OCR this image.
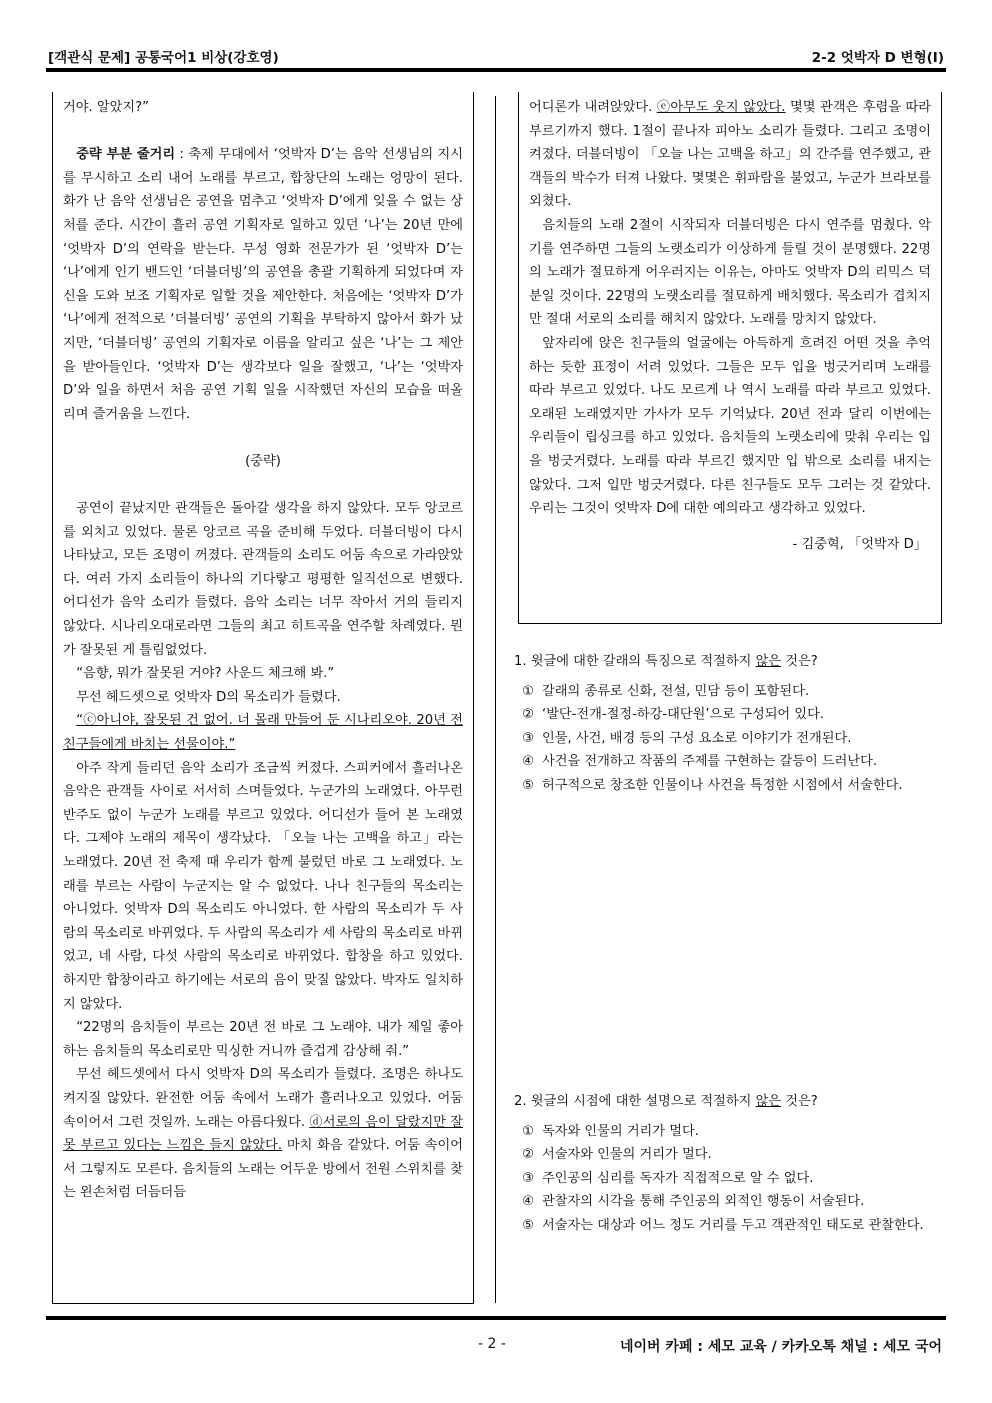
[객관식 문제] 공통국어1 비상(강호영)	2-2 엇박자 D 변형(I)

거야. 알았지?”

중략 부분 줄거리 : 축제 무대에서 ‘엇박자 D’는 음악 선생님의 지시를 무시하고 소리 내어 노래를 부르고, 합창단의 노래는 엉망이 된다. 화가 난 음악 선생님은 공연을 멈추고 ‘엇박자 D’에게 잊을 수 없는 상처를 준다. 시간이 흘러 공연 기획자로 일하고 있던 ‘나’는 20년 만에 ‘엇박자 D’의 연락을 받는다. 무성 영화 전문가가 된 ‘엇박자 D’는 ‘나’에게 인기 밴드인 ‘더블더빙’의 공연을 총괄 기획하게 되었다며 자신을 도와 보조 기획자로 일할 것을 제안한다. 처음에는 ‘엇박자 D’가 ‘나’에게 전적으로 ‘더블더빙’ 공연의 기획을 부탁하지 않아서 화가 났지만, ‘더블더빙’ 공연의 기획자로 이름을 알리고 싶은 ‘나’는 그 제안을 받아들인다. ‘엇박자 D’는 생각보다 일을 잘했고, ‘나’는 ‘엇박자 D’와 일을 하면서 처음 공연 기획 일을 시작했던 자신의 모습을 떠올리며 즐거움을 느낀다.

(중략)

공연이 끝났지만 관객들은 돌아갈 생각을 하지 않았다. 모두 앙코르를 외치고 있었다. 물론 앙코르 곡을 준비해 두었다. 더블더빙이 다시 나타났고, 모든 조명이 꺼졌다. 관객들의 소리도 어둠 속으로 가라앉았다. 여러 가지 소리들이 하나의 기다랗고 평평한 일직선으로 변했다. 어디선가 음악 소리가 들렸다. 음악 소리는 너무 작아서 거의 들리지 않았다. 시나리오대로라면 그들의 최고 히트곡을 연주할 차례였다. 뭔가 잘못된 게 틀림없었다.

“음향, 뭐가 잘못된 거야? 사운드 체크해 봐.”

무선 헤드셋으로 엇박자 D의 목소리가 들렸다.

“ⓒ아니야, 잘못된 건 없어. 너 몰래 만들어 둔 시나리오야. 20년 전 친구들에게 바치는 선물이야.”

아주 작게 들리던 음악 소리가 조금씩 커졌다. 스피커에서 흘러나온 음악은 관객들 사이로 서서히 스며들었다. 누군가의 노래였다. 아무런 반주도 없이 누군가 노래를 부르고 있었다. 어디선가 들어 본 노래였다. 그제야 노래의 제목이 생각났다. 「오늘 나는 고백을 하고」라는 노래였다. 20년 전 축제 때 우리가 함께 불렀던 바로 그 노래였다. 노래를 부르는 사람이 누군지는 알 수 없었다. 나나 친구들의 목소리는 아니었다. 엇박자 D의 목소리도 아니었다. 한 사람의 목소리가 두 사람의 목소리로 바뀌었다. 두 사람의 목소리가 세 사람의 목소리로 바뀌었고, 네 사람, 다섯 사람의 목소리로 바뀌었다. 합창을 하고 있었다. 하지만 합창이라고 하기에는 서로의 음이 맞질 않았다. 박자도 일치하지 않았다.

“22명의 음치들이 부르는 20년 전 바로 그 노래야. 내가 제일 좋아하는 음치들의 목소리로만 믹싱한 거니까 즐겁게 감상해 줘.”

무선 헤드셋에서 다시 엇박자 D의 목소리가 들렸다. 조명은 하나도 켜지질 않았다. 완전한 어둠 속에서 노래가 흘러나오고 있었다. 어둠 속이어서 그런 것일까. 노래는 아름다웠다. ⓓ서로의 음이 달랐지만 잘못 부르고 있다는 느낌은 들지 않았다. 마치 화음 같았다. 어둠 속이어서 그렇지도 모른다. 음치들의 노래는 어두운 방에서 전원 스위치를 찾는 왼손처럼 더듬더듬

어디론가 내려앉았다. ⓔ아무도 웃지 않았다. 몇몇 관객은 후렴을 따라 부르기까지 했다. 1절이 끝나자 피아노 소리가 들렸다. 그리고 조명이 켜졌다. 더블더빙이 「오늘 나는 고백을 하고」의 간주를 연주했고, 관객들의 박수가 터져 나왔다. 몇몇은 휘파람을 불었고, 누군가 브라보를 외쳤다.

음치들의 노래 2절이 시작되자 더블더빙은 다시 연주를 멈췄다. 악기를 연주하면 그들의 노랫소리가 이상하게 들릴 것이 분명했다. 22명의 노래가 절묘하게 어우러지는 이유는, 아마도 엇박자 D의 리믹스 덕분일 것이다. 22명의 노랫소리를 절묘하게 배치했다. 목소리가 겹치지만 절대 서로의 소리를 해치지 않았다. 노래를 망치지 않았다.

앞자리에 앉은 친구들의 얼굴에는 아득하게 흐려진 어떤 것을 추억하는 듯한 표정이 서려 있었다. 그들은 모두 입을 벙긋거리며 노래를 따라 부르고 있었다. 나도 모르게 나 역시 노래를 따라 부르고 있었다. 오래된 노래였지만 가사가 모두 기억났다. 20년 전과 달리 이번에는 우리들이 립싱크를 하고 있었다. 음치들의 노랫소리에 맞춰 우리는 입을 벙긋거렸다. 노래를 따라 부르긴 했지만 입 밖으로 소리를 내지는 않았다. 그저 입만 벙긋거렸다. 다른 친구들도 모두 그러는 것 같았다. 우리는 그것이 엇박자 D에 대한 예의라고 생각하고 있었다.

- 김중혁, 「엇박자 D」

1. 윗글에 대한 갈래의 특징으로 적절하지 않은 것은?

① 갈래의 종류로 신화, 전설, 민담 등이 포함된다.
② ‘발단-전개-절정-하강-대단원’으로 구성되어 있다.
③ 인물, 사건, 배경 등의 구성 요소로 이야기가 전개된다.
④ 사건을 전개하고 작품의 주제를 구현하는 갈등이 드러난다.
⑤ 허구적으로 창조한 인물이나 사건을 특정한 시점에서 서술한다.

2. 윗글의 시점에 대한 설명으로 적절하지 않은 것은?

① 독자와 인물의 거리가 멀다.
② 서술자와 인물의 거리가 멀다.
③ 주인공의 심리를 독자가 직접적으로 알 수 없다.
④ 관찰자의 시각을 통해 주인공의 외적인 행동이 서술된다.
⑤ 서술자는 대상과 어느 정도 거리를 두고 객관적인 태도로 관찰한다.
- 2 -	네이버 카페 : 세모 교육 / 카카오톡 채널 : 세모 국어
